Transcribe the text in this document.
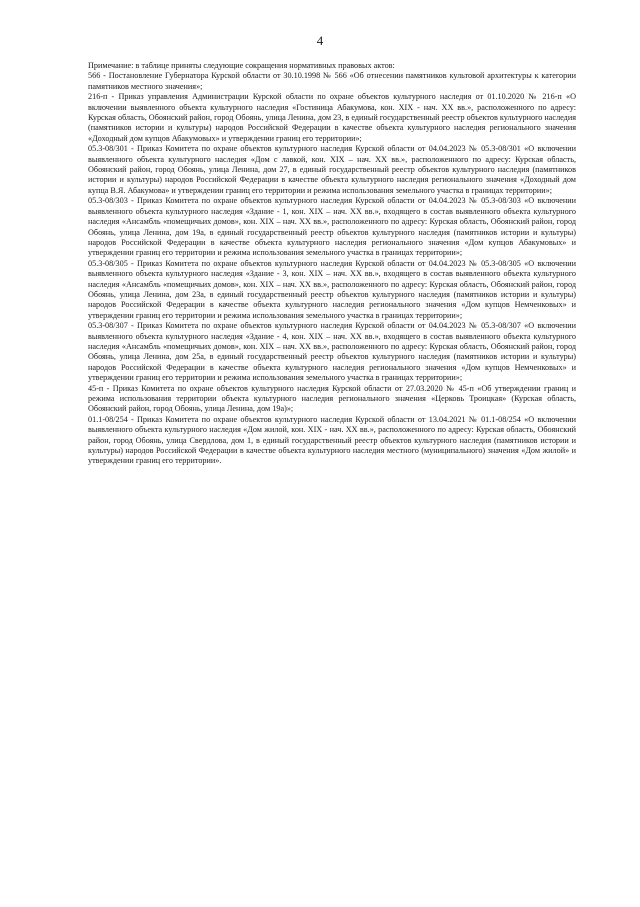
4

Примечание: в таблице приняты следующие сокращения нормативных правовых актов:

566 - Постановление Губернатора Курской области от 30.10.1998 № 566 «Об отнесении памятников культовой архитектуры к категории памятников местного значения»;

216-п - Приказ управления Администрации Курской области по охране объектов культурного наследия от 01.10.2020 № 216-п «О включении выявленного объекта культурного наследия «Гостиница Абакумова, кон. XIX - нач. XX вв.», расположенного по адресу: Курская область, Обоянский район, город Обоянь, улица Ленина, дом 23, в единый государственный реестр объектов культурного наследия (памятников истории и культуры) народов Российской Федерации в качестве объекта культурного наследия регионального значения «Доходный дом купцов Абакумовых» и утверждении границ его территории»;

05.3-08/301 - Приказ Комитета по охране объектов культурного наследия Курской области от 04.04.2023 № 05.3-08/301 «О включении выявленного объекта культурного наследия «Дом с лавкой, кон. XIX – нач. XX вв.», расположенного по адресу: Курская область, Обоянский район, город Обоянь, улица Ленина, дом 27, в единый государственный реестр объектов культурного наследия (памятников истории и культуры) народов Российской Федерации в качестве объекта культурного наследия регионального значения «Доходный дом купца В.Я. Абакумова» и утверждении границ его территории и режима использования земельного участка в границах территории»;

05.3-08/303 - Приказ Комитета по охране объектов культурного наследия Курской области от 04.04.2023 № 05.3-08/303 «О включении выявленного объекта культурного наследия «Здание - 1, кон. XIX – нач. XX вв.», входящего в состав выявленного объекта культурного наследия «Ансамбль «помещичьих домов», кон. XIX – нач. XX вв.», расположенного по адресу: Курская область, Обоянский район, город Обоянь, улица Ленина, дом 19а, в единый государственный реестр объектов культурного наследия (памятников истории и культуры) народов Российской Федерации в качестве объекта культурного наследия регионального значения «Дом купцов Абакумовых» и утверждении границ его территории и режима использования земельного участка в границах территории»;

05.3-08/305 - Приказ Комитета по охране объектов культурного наследия Курской области от 04.04.2023 № 05.3-08/305 «О включении выявленного объекта культурного наследия «Здание - 3, кон. XIX – нач. XX вв.», входящего в состав выявленного объекта культурного наследия «Ансамбль «помещичьих домов», кон. XIX – нач. XX вв.», расположенного по адресу: Курская область, Обоянский район, город Обоянь, улица Ленина, дом 23а, в единый государственный реестр объектов культурного наследия (памятников истории и культуры) народов Российской Федерации в качестве объекта культурного наследия регионального значения «Дом купцов Немченковых» и утверждении границ его территории и режима использования земельного участка в границах территории»;

05.3-08/307 - Приказ Комитета по охране объектов культурного наследия Курской области от 04.04.2023 № 05.3-08/307 «О включении выявленного объекта культурного наследия «Здание - 4, кон. XIX – нач. XX вв.», входящего в состав выявленного объекта культурного наследия «Ансамбль «помещичьих домов», кон. XIX – нач. XX вв.», расположенного по адресу: Курская область, Обоянский район, город Обоянь, улица Ленина, дом 25а, в единый государственный реестр объектов культурного наследия (памятников истории и культуры) народов Российской Федерации в качестве объекта культурного наследия регионального значения «Дом купцов Немченковых» и утверждении границ его территории и режима использования земельного участка в границах территории»;

45-п - Приказ Комитета по охране объектов культурного наследия Курской области от 27.03.2020 № 45-п «Об утверждении границ и режима использования территории объекта культурного наследия регионального значения «Церковь Троицкая» (Курская область, Обоянский район, город Обоянь, улица Ленина, дом 19а)»;

01.1-08/254 - Приказ Комитета по охране объектов культурного наследия Курской области от 13.04.2021 № 01.1-08/254 «О включении выявленного объекта культурного наследия «Дом жилой, кон. XIX - нач. XX вв.», расположенного по адресу: Курская область, Обоянский район, город Обоянь, улица Свердлова, дом 1, в единый государственный реестр объектов культурного наследия (памятников истории и культуры) народов Российской Федерации в качестве объекта культурного наследия местного (муниципального) значения «Дом жилой» и утверждении границ его территории».
